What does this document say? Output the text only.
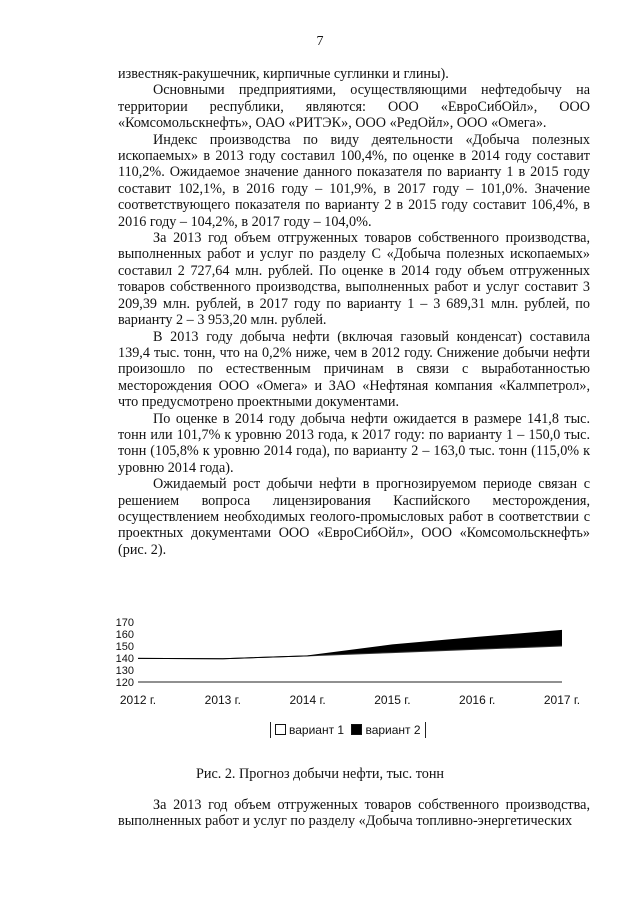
7

известняк-ракушечник, кирпичные суглинки и глины).

Основными предприятиями, осуществляющими нефтедобычу на территории республики, являются: ООО «ЕвроСибОйл», ООО «Комсомольскнефть», ОАО «РИТЭК», ООО «РедОйл», ООО «Омега».

Индекс производства по виду деятельности «Добыча полезных ископаемых» в 2013 году составил 100,4%, по оценке в 2014 году составит 110,2%. Ожидаемое значение данного показателя по варианту 1 в 2015 году составит 102,1%, в 2016 году – 101,9%, в 2017 году – 101,0%. Значение соответствующего показателя по варианту 2 в 2015 году составит 106,4%, в 2016 году – 104,2%, в 2017 году – 104,0%.

За 2013 год объем отгруженных товаров собственного производства, выполненных работ и услуг по разделу С «Добыча полезных ископаемых» составил 2 727,64 млн. рублей. По оценке в 2014 году объем отгруженных товаров собственного производства, выполненных работ и услуг составит 3 209,39 млн. рублей, в 2017 году по варианту 1 – 3 689,31 млн. рублей, по варианту 2 – 3 953,20 млн. рублей.

В 2013 году добыча нефти (включая газовый конденсат) составила 139,4 тыс. тонн, что на 0,2% ниже, чем в 2012 году. Снижение добычи нефти произошло по естественным причинам в связи с выработанностью месторождения ООО «Омега» и ЗАО «Нефтяная компания «Калмпетрол», что предусмотрено проектными документами.

По оценке в 2014 году добыча нефти ожидается в размере 141,8 тыс. тонн или 101,7% к уровню 2013 года, к 2017 году: по варианту 1 – 150,0 тыс. тонн (105,8% к уровню 2014 года), по варианту 2 – 163,0 тыс. тонн (115,0% к уровню 2014 года).

Ожидаемый рост добычи нефти в прогнозируемом периоде связан с решением вопроса лицензирования Каспийского месторождения, осуществлением необходимых геолого-промысловых работ в соответствии с проектных документами ООО «ЕвроСибОйл», ООО «Комсомольскнефть» (рис. 2).

120
130
140
150
160
170
2012 г.	2013 г.	2014 г.	2015 г.	2016 г.	2017 г.
вариант 1 вариант 2
Рис. 2. Прогноз добычи нефти, тыс. тонн

За 2013 год объем отгруженных товаров собственного производства, выполненных работ и услуг по разделу «Добыча топливно-энергетических
